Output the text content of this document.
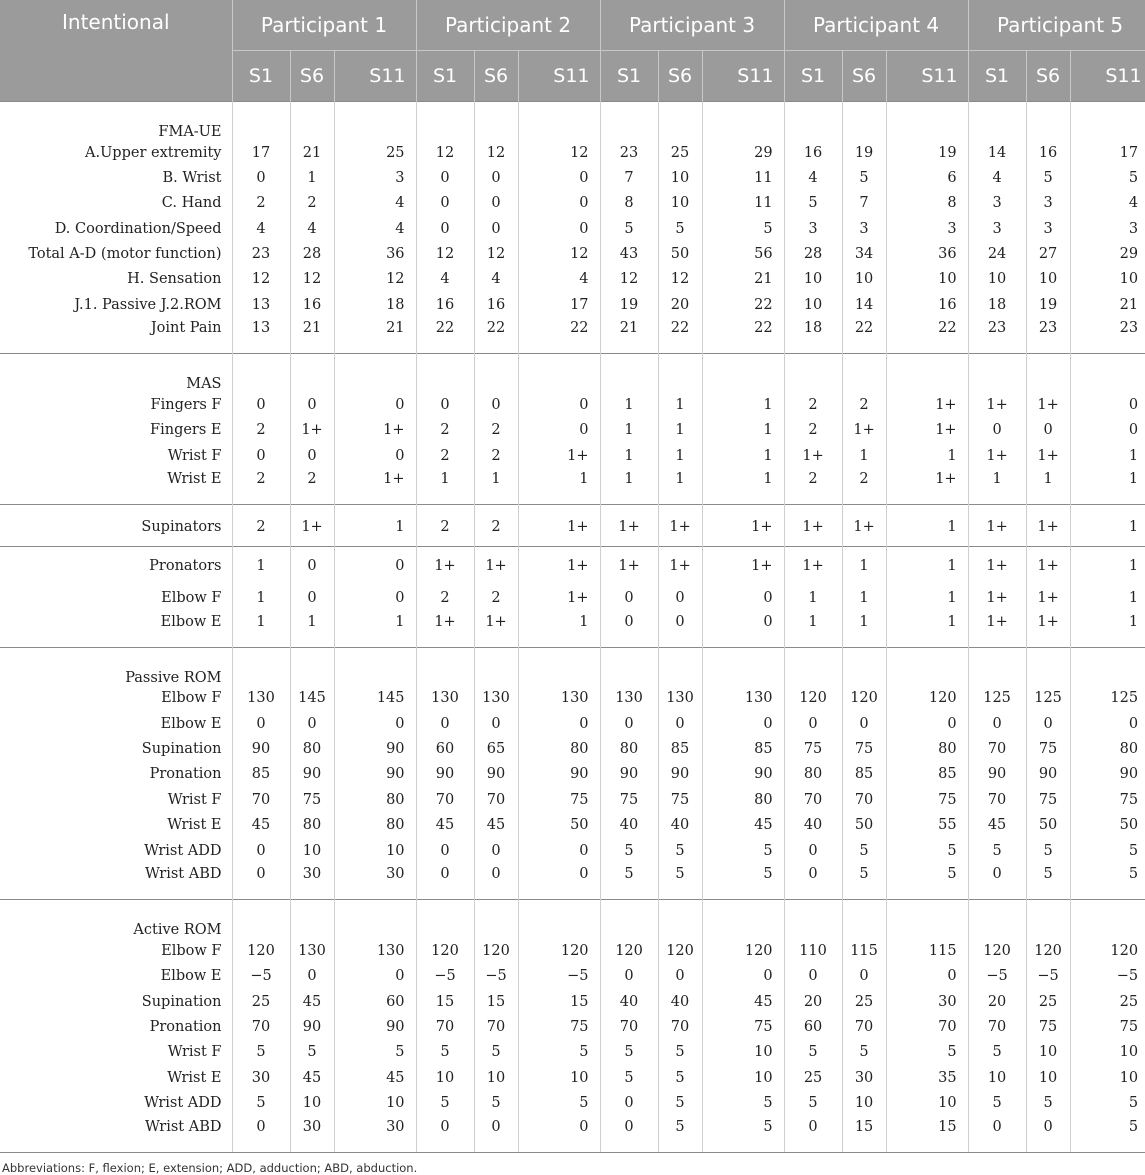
Intentional	Participant 1			Participant 2			Participant 3			Participant 4			Participant 5		
	S1	S6	S11	S1	S6	S11	S1	S6	S11	S1	S6	S11	S1	S6	S11
FMA-UE															
A.Upper extremity	17	21	25	12	12	12	23	25	29	16	19	19	14	16	17
B. Wrist	0	1	3	0	0	0	7	10	11	4	5	6	4	5	5
C. Hand	2	2	4	0	0	0	8	10	11	5	7	8	3	3	4
D. Coordination/Speed	4	4	4	0	0	0	5	5	5	3	3	3	3	3	3
Total A-D (motor function)	23	28	36	12	12	12	43	50	56	28	34	36	24	27	29
H. Sensation	12	12	12	4	4	4	12	12	21	10	10	10	10	10	10
J.1. Passive J.2.ROM	13	16	18	16	16	17	19	20	22	10	14	16	18	19	21
Joint Pain	13	21	21	22	22	22	21	22	22	18	22	22	23	23	23
MAS															
Fingers F	0	0	0	0	0	0	1	1	1	2	2	1+	1+	1+	0
Fingers E	2	1+	1+	2	2	0	1	1	1	2	1+	1+	0	0	0
Wrist F	0	0	0	2	2	1+	1	1	1	1+	1	1	1+	1+	1
Wrist E	2	2	1+	1	1	1	1	1	1	2	2	1+	1	1	1
Supinators	2	1+	1	2	2	1+	1+	1+	1+	1+	1+	1	1+	1+	1
Pronators	1	0	0	1+	1+	1+	1+	1+	1+	1+	1	1	1+	1+	1
Elbow F	1	0	0	2	2	1+	0	0	0	1	1	1	1+	1+	1
Elbow E	1	1	1	1+	1+	1	0	0	0	1	1	1	1+	1+	1
Passive ROM															
Elbow F	130	145	145	130	130	130	130	130	130	120	120	120	125	125	125
Elbow E	0	0	0	0	0	0	0	0	0	0	0	0	0	0	0
Supination	90	80	90	60	65	80	80	85	85	75	75	80	70	75	80
Pronation	85	90	90	90	90	90	90	90	90	80	85	85	90	90	90
Wrist F	70	75	80	70	70	75	75	75	80	70	70	75	70	75	75
Wrist E	45	80	80	45	45	50	40	40	45	40	50	55	45	50	50
Wrist ADD	0	10	10	0	0	0	5	5	5	0	5	5	5	5	5
Wrist ABD	0	30	30	0	0	0	5	5	5	0	5	5	0	5	5
Active ROM															
Elbow F	120	130	130	120	120	120	120	120	120	110	115	115	120	120	120
Elbow E	−5	0	0	−5	−5	−5	0	0	0	0	0	0	−5	−5	−5
Supination	25	45	60	15	15	15	40	40	45	20	25	30	20	25	25
Pronation	70	90	90	70	70	75	70	70	75	60	70	70	70	75	75
Wrist F	5	5	5	5	5	5	5	5	10	5	5	5	5	10	10
Wrist E	30	45	45	10	10	10	5	5	10	25	30	35	10	10	10
Wrist ADD	5	10	10	5	5	5	0	5	5	5	10	10	5	5	5
Wrist ABD	0	30	30	0	0	0	0	5	5	0	15	15	0	0	5
Abbreviations: F, flexion; E, extension; ADD, adduction; ABD, abduction.
